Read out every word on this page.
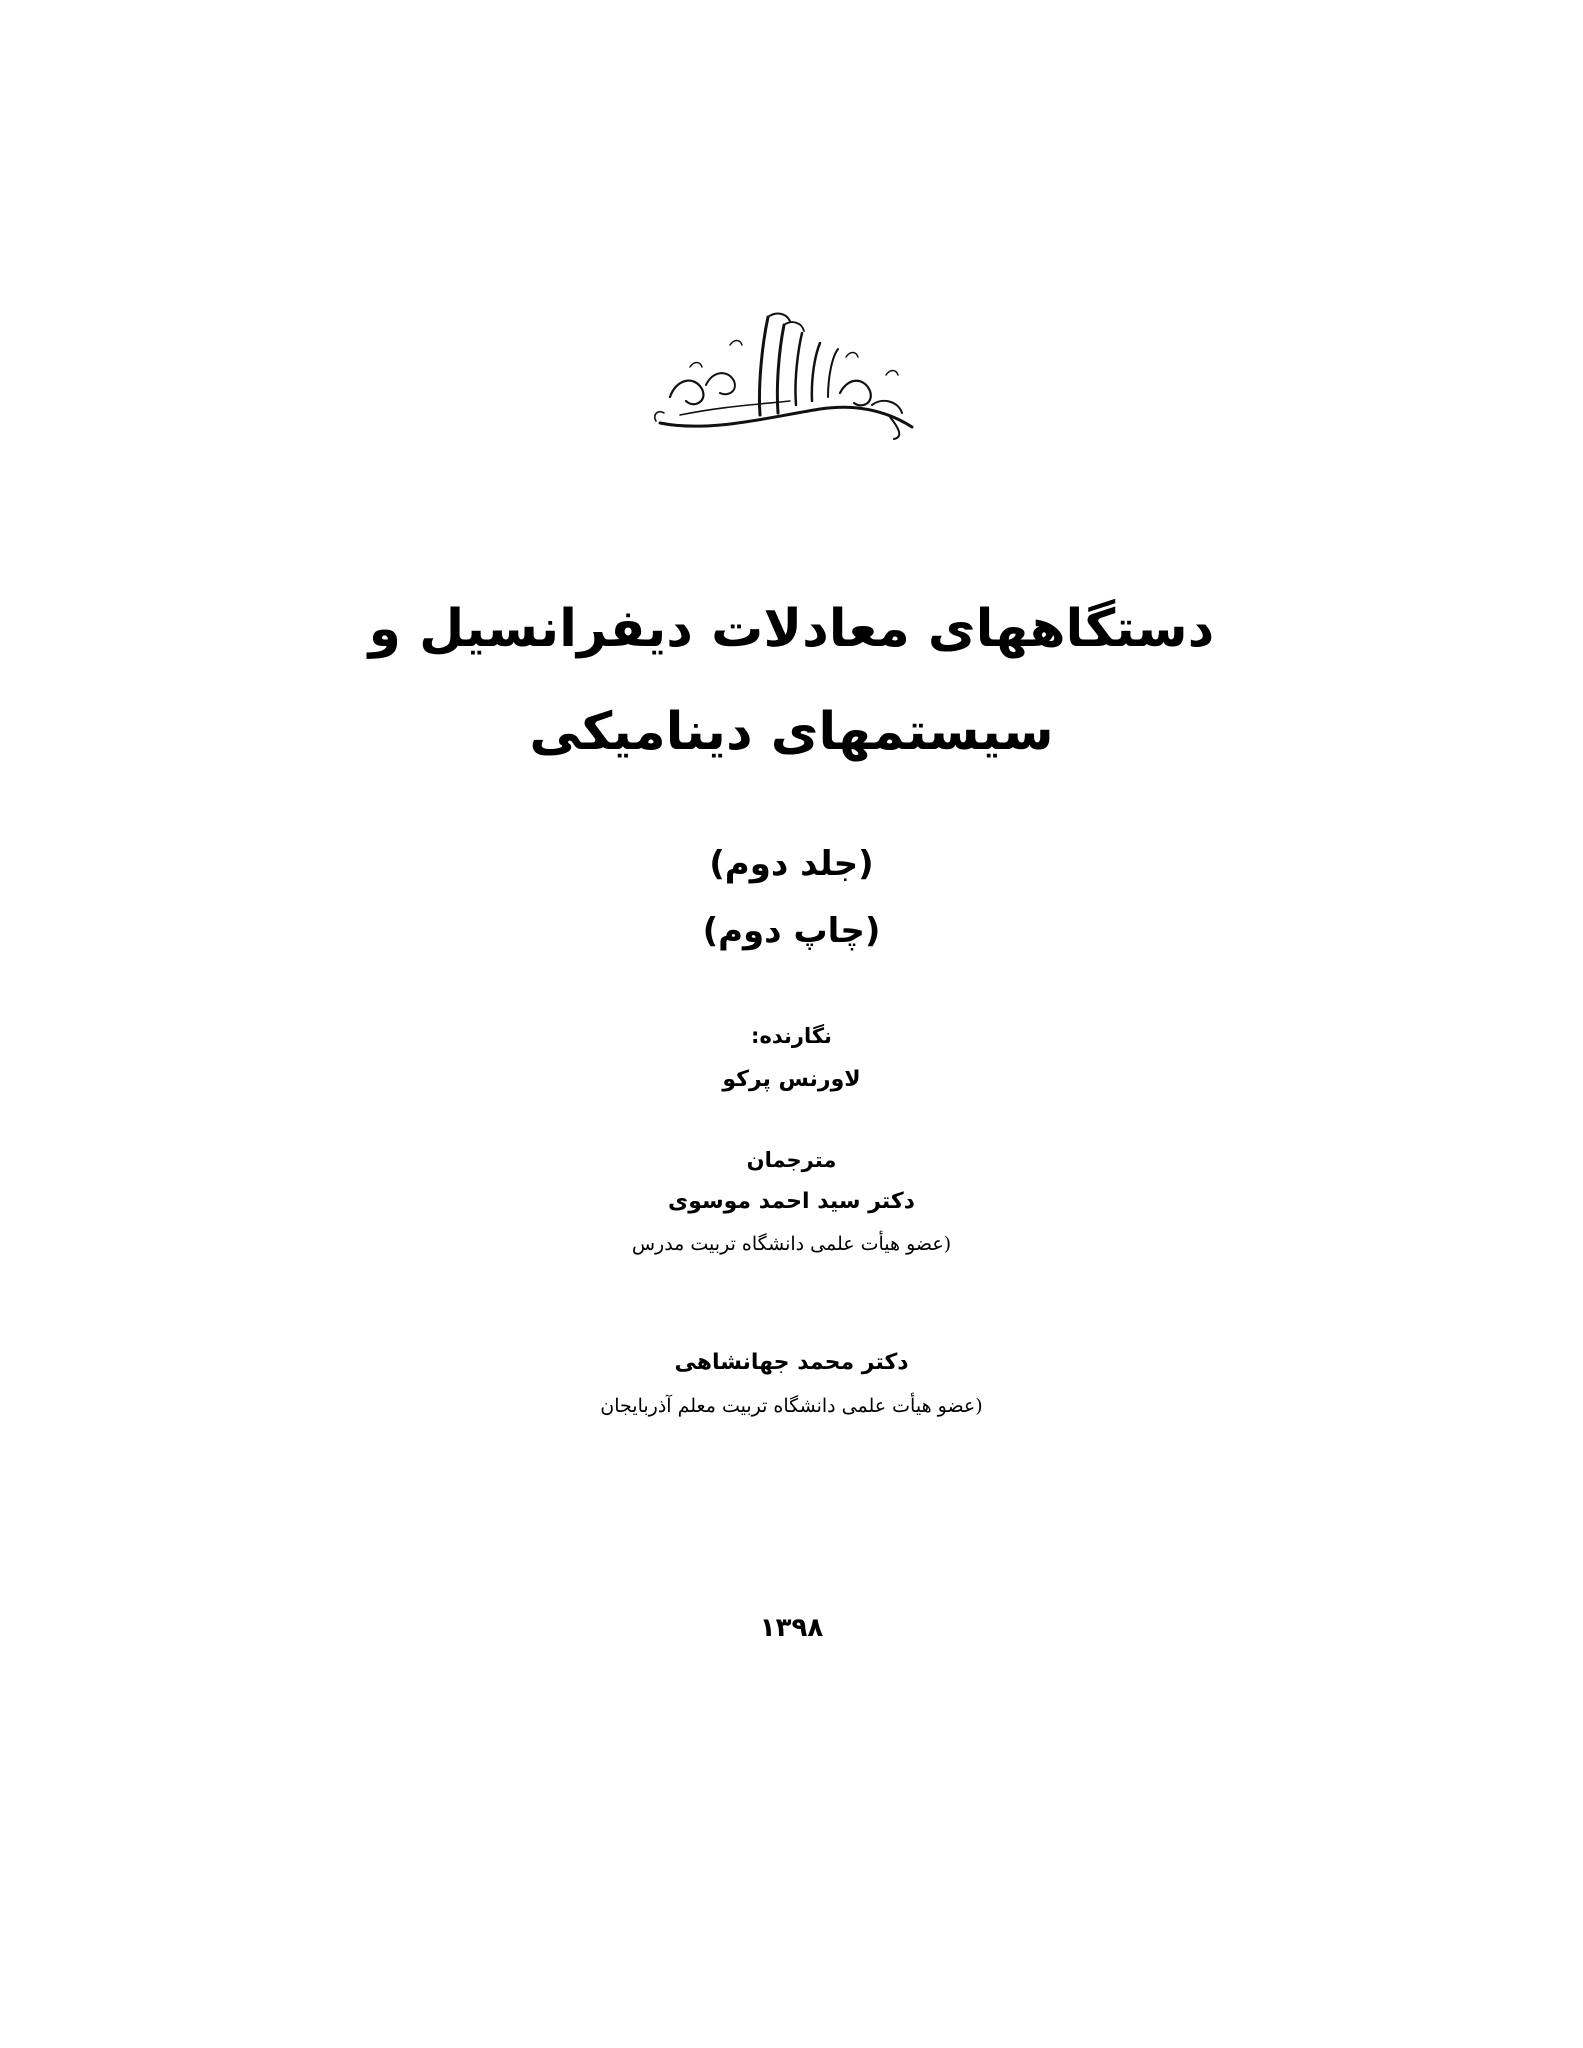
دستگاههای معادلات دیفرانسیل و
سیستمهای دینامیکی
(جلد دوم)
(چاپ دوم)
نگارنده:
لاورنس پرکو
مترجمان
دکتر سید احمد موسوی
(عضو هیأت علمی دانشگاه تربیت مدرس
دکتر محمد جهانشاهی
(عضو هیأت علمی دانشگاه تربیت معلم آذربایجان
۱۳۹۸
